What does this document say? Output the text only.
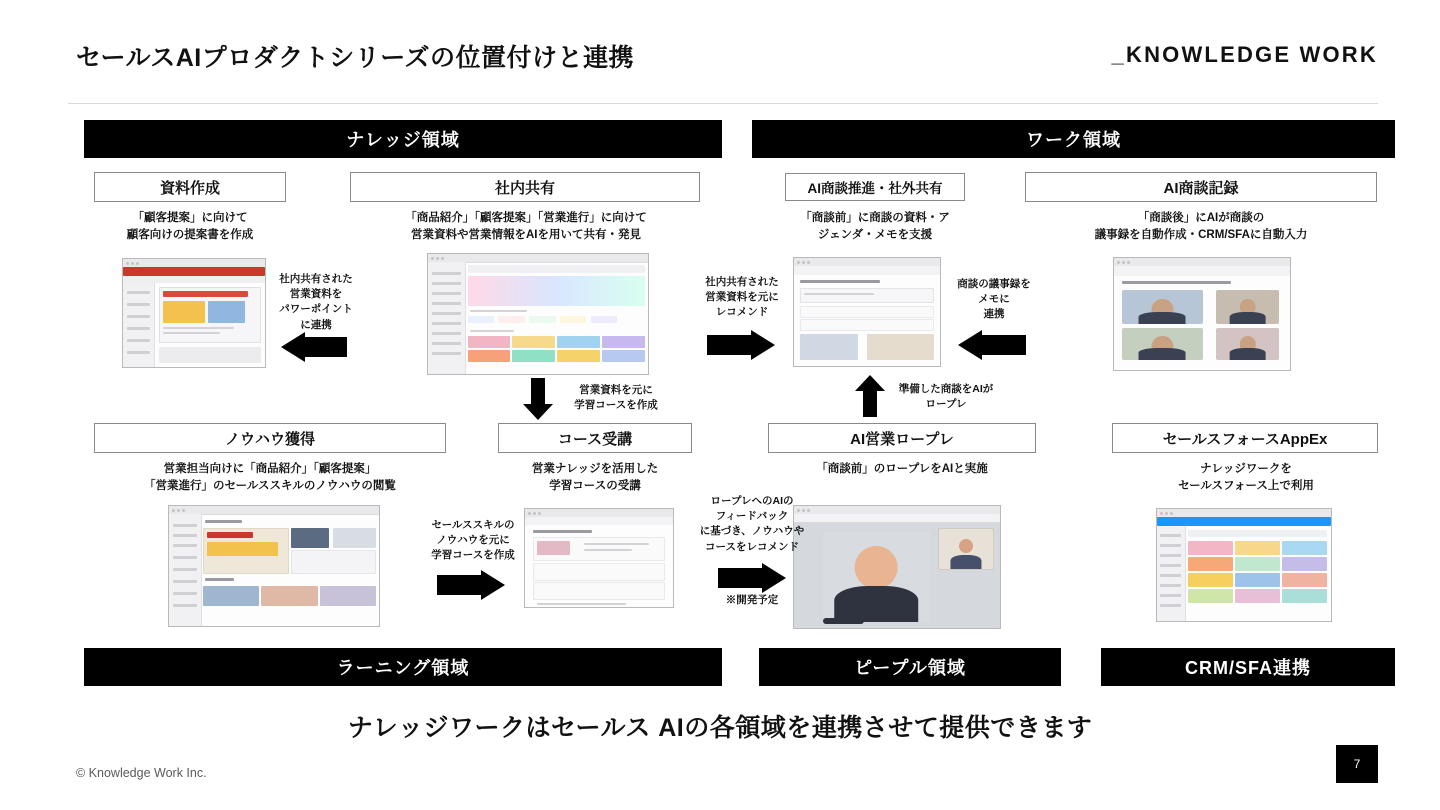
セールスAIプロダクトシリーズの位置付けと連携	_KNOWLEDGE WORK
ナレッジ領域	ワーク領域
資料作成
「顧客提案」に向けて
顧客向けの提案書を作成
社内共有された
営業資料を
パワーポイント
に連携
社内共有
「商品紹介」「顧客提案」「営業進行」に向けて
営業資料や営業情報をAIを用いて共有・発見
営業資料を元に
学習コースを作成
AI商談推進・社外共有
「商談前」に商談の資料・ア
ジェンダ・メモを支援
社内共有された
営業資料を元に
レコメンド
商談の議事録を
メモに
連携
AI商談記録
「商談後」にAIが商談の
議事録を自動作成・CRM/SFAに自動入力
ノウハウ獲得
営業担当向けに「商品紹介」「顧客提案」
「営業進行」のセールススキルのノウハウの閲覧
セールススキルの
ノウハウを元に
学習コースを作成
コース受講
営業ナレッジを活用した
学習コースの受講
AI営業ロープレ
「商談前」のロープレをAIと実施
準備した商談をAIが
ロープレ
ロープレへのAIの
フィードバック
に基づき、ノウハウや
コースをレコメンド
※開発予定
セールスフォースAppEx
ナレッジワークを
セールスフォース上で利用
ラーニング領域	ピープル領域	CRM/SFA連携
ナレッジワークはセールス AIの各領域を連携させて提供できます
© Knowledge Work Inc.
7
